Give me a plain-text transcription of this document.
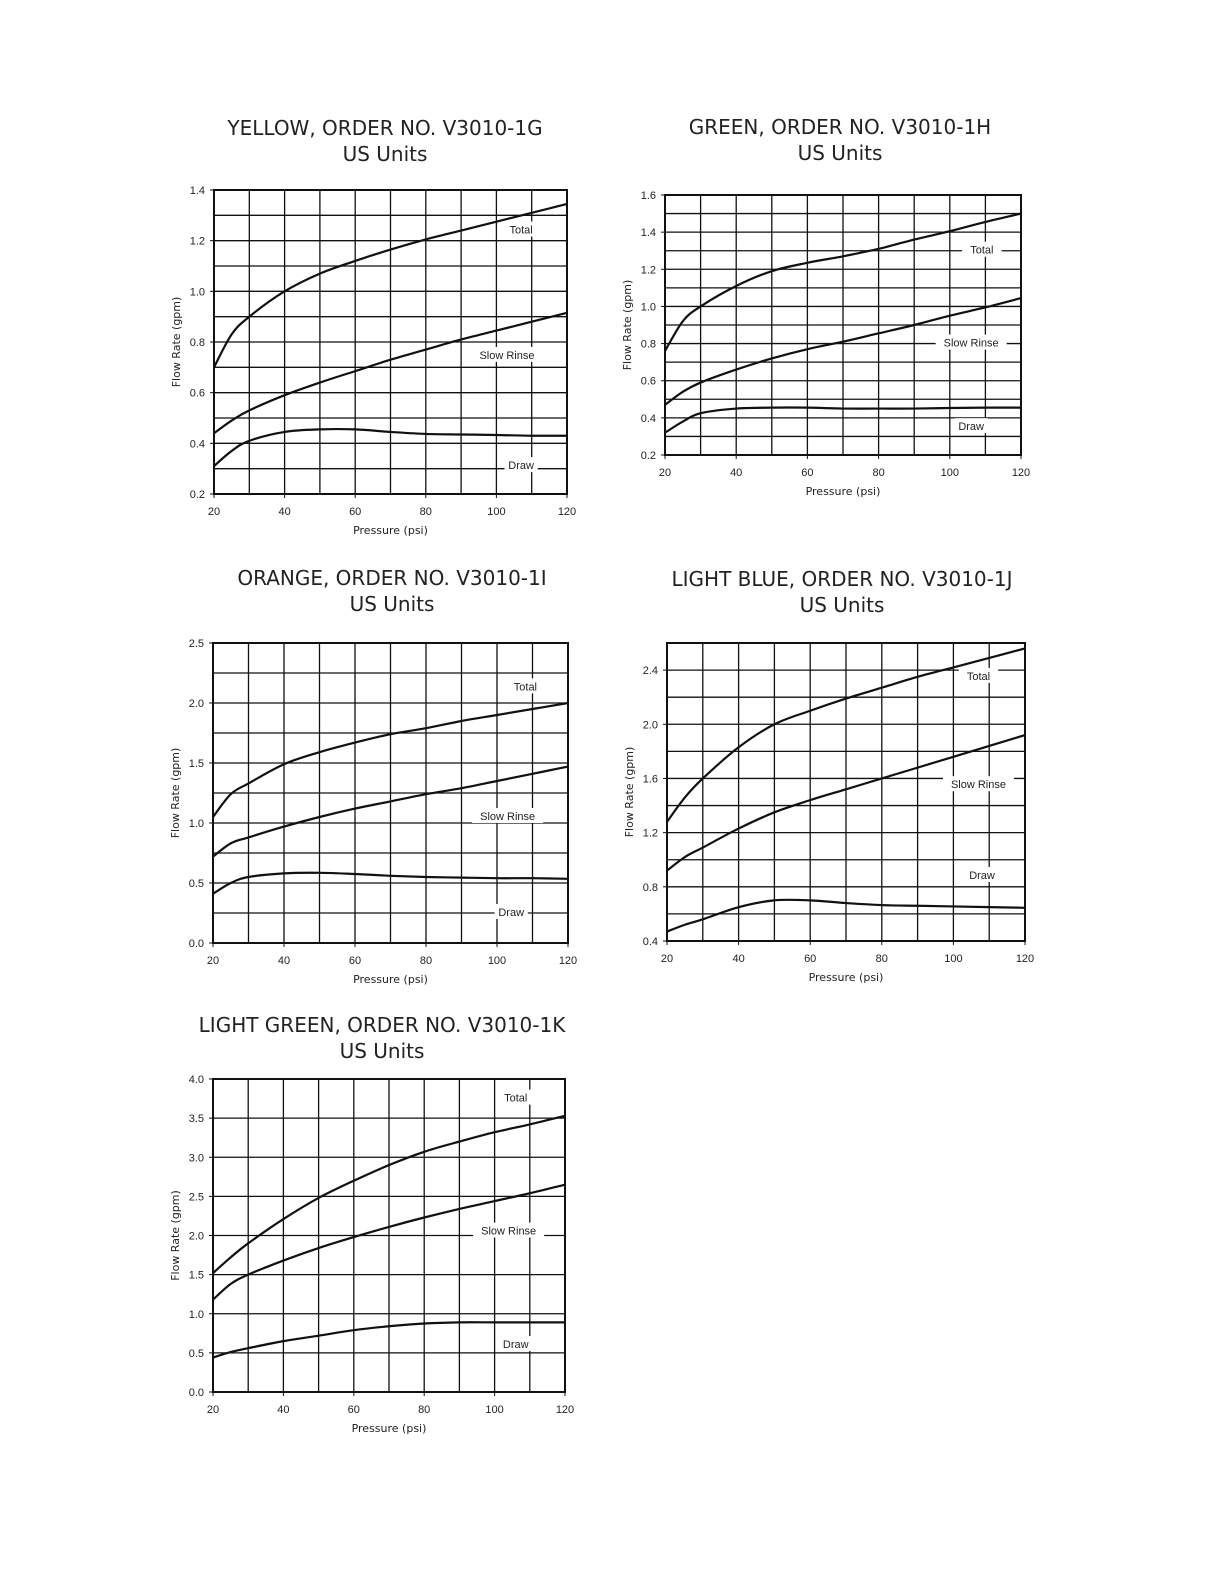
YELLOW, ORDER NO. V3010-1G
US Units
GREEN, ORDER NO. V3010-1H
US Units
ORANGE, ORDER NO. V3010-1I
US Units
LIGHT BLUE, ORDER NO. V3010-1J
US Units
LIGHT GREEN, ORDER NO. V3010-1K
US Units
20	40	60	80	100	120
0.2
0.4
0.6
0.8
1.0
1.2
1.4
Pressure (psi)
Flow Rate (gpm)
Total
Slow Rinse
Draw
20	40	60	80	100	120
0.2
0.4
0.6
0.8
1.0
1.2
1.4
1.6
Pressure (psi)
Flow Rate (gpm)
Total
Slow Rinse
Draw
20	40	60	80	100	120
0.0
0.5
1.0
1.5
2.0
2.5
Pressure (psi)
Flow Rate (gpm)
Total
Slow Rinse
Draw
20	40	60	80	100	120
0.4
0.8
1.2
1.6
2.0
2.4
Pressure (psi)
Flow Rate (gpm)
Total
Slow Rinse
Draw
20	40	60	80	100	120
0.0
0.5
1.0
1.5
2.0
2.5
3.0
3.5
4.0
Pressure (psi)
Flow Rate (gpm)
Total
Slow Rinse
Draw
